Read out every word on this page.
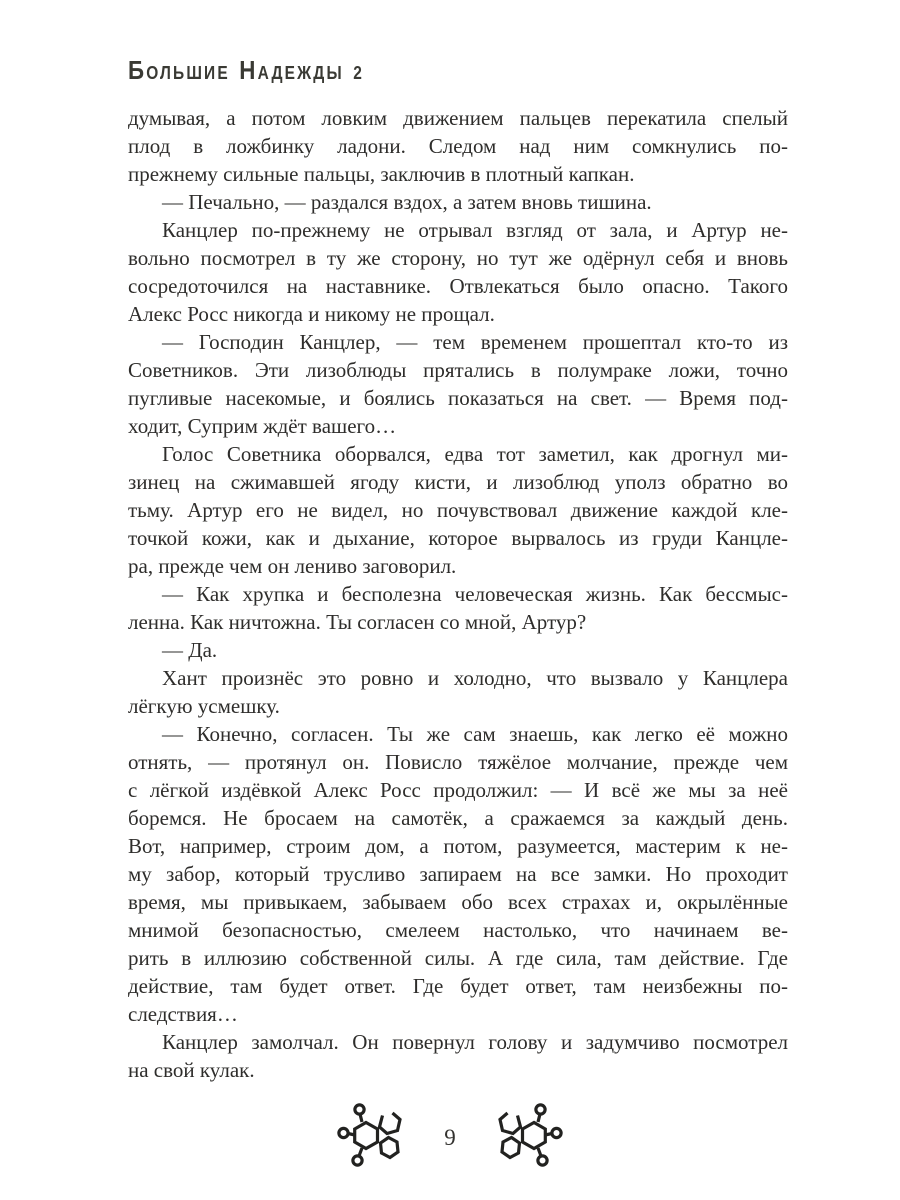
БОЛЬШИЕ НАДЕЖДЫ 2
думывая, а потом ловким движением пальцев перекатила спелый
плод в ложбинку ладони. Следом над ним сомкнулись по-
прежнему сильные пальцы, заключив в плотный капкан.
— Печально, — раздался вздох, а затем вновь тишина.
Канцлер по-прежнему не отрывал взгляд от зала, и Артур не-
вольно посмотрел в ту же сторону, но тут же одёрнул себя и вновь
сосредоточился на наставнике. Отвлекаться было опасно. Такого
Алекс Росс никогда и никому не прощал.
— Господин Канцлер, — тем временем прошептал кто-то из
Советников. Эти лизоблюды прятались в полумраке ложи, точно
пугливые насекомые, и боялись показаться на свет. — Время под-
ходит, Суприм ждёт вашего…
Голос Советника оборвался, едва тот заметил, как дрогнул ми-
зинец на сжимавшей ягоду кисти, и лизоблюд уполз обратно во
тьму. Артур его не видел, но почувствовал движение каждой кле-
точкой кожи, как и дыхание, которое вырвалось из груди Канцле-
ра, прежде чем он лениво заговорил.
— Как хрупка и бесполезна человеческая жизнь. Как бессмыс-
ленна. Как ничтожна. Ты согласен со мной, Артур?
— Да.
Хант произнёс это ровно и холодно, что вызвало у Канцлера
лёгкую усмешку.
— Конечно, согласен. Ты же сам знаешь, как легко её можно
отнять, — протянул он. Повисло тяжёлое молчание, прежде чем
с лёгкой издёвкой Алекс Росс продолжил: — И всё же мы за неё
боремся. Не бросаем на самотёк, а сражаемся за каждый день.
Вот, например, строим дом, а потом, разумеется, мастерим к не-
му забор, который трусливо запираем на все замки. Но проходит
время, мы привыкаем, забываем обо всех страхах и, окрылённые
мнимой безопасностью, смелеем настолько, что начинаем ве-
рить в иллюзию собственной силы. А где сила, там действие. Где
действие, там будет ответ. Где будет ответ, там неизбежны по-
следствия…
Канцлер замолчал. Он повернул голову и задумчиво посмотрел
на свой кулак.
9
